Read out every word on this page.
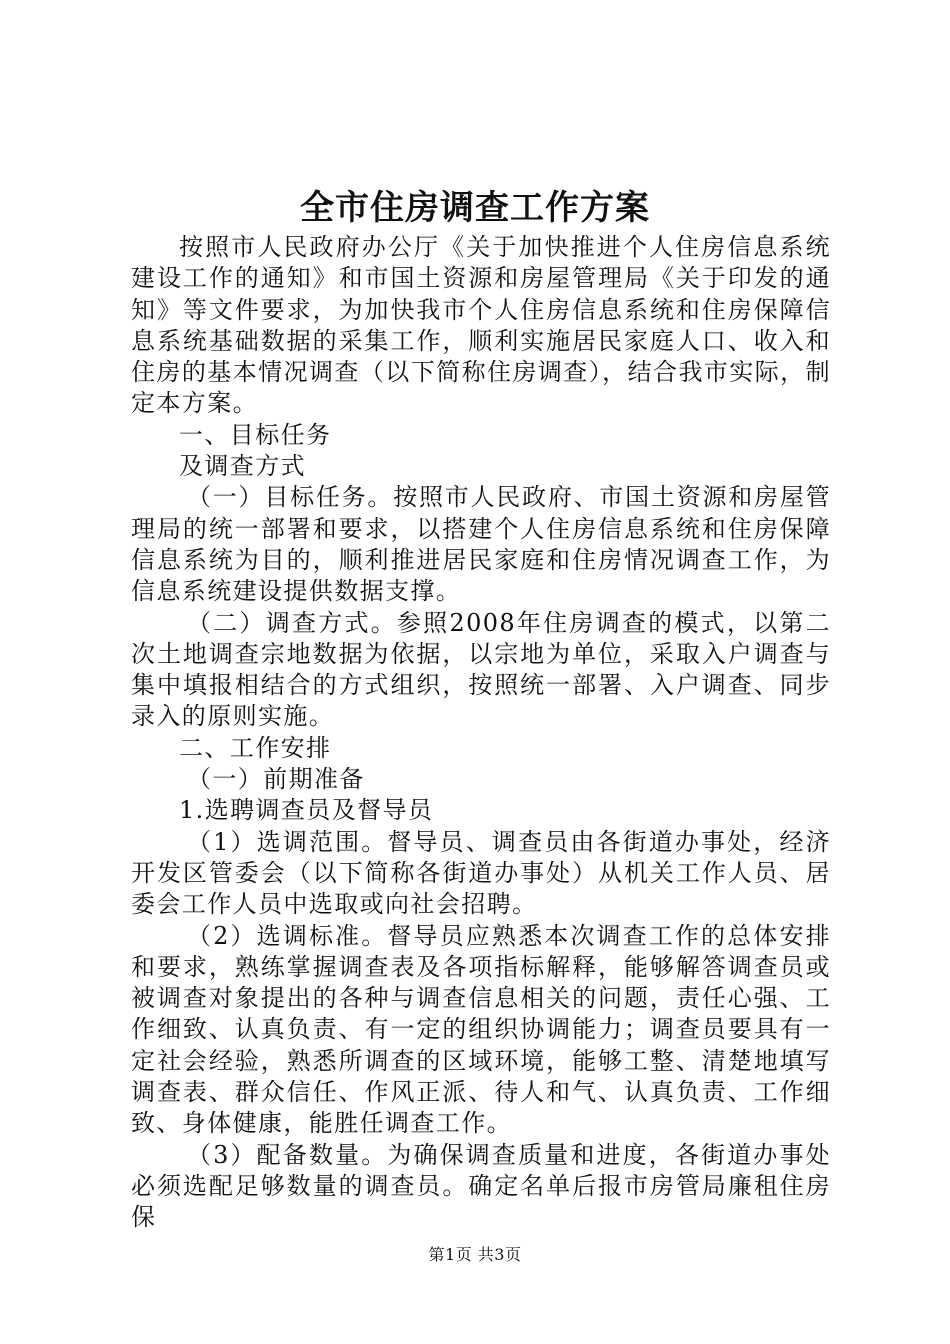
全市住房调查工作方案

按照市人民政府办公厅《关于加快推进个人住房信息系统建设工作的通知》和市国土资源和房屋管理局《关于印发的通知》等文件要求，为加快我市个人住房信息系统和住房保障信息系统基础数据的采集工作，顺利实施居民家庭人口、收入和住房的基本情况调查（以下简称住房调查），结合我市实际，制定本方案。

一、目标任务

及调查方式

（一）目标任务。按照市人民政府、市国土资源和房屋管理局的统一部署和要求，以搭建个人住房信息系统和住房保障信息系统为目的，顺利推进居民家庭和住房情况调查工作，为信息系统建设提供数据支撑。

（二）调查方式。参照2008年住房调查的模式，以第二次土地调查宗地数据为依据，以宗地为单位，采取入户调查与集中填报相结合的方式组织，按照统一部署、入户调查、同步录入的原则实施。

二、工作安排

（一）前期准备

1.选聘调查员及督导员

（1）选调范围。督导员、调查员由各街道办事处，经济开发区管委会（以下简称各街道办事处）从机关工作人员、居委会工作人员中选取或向社会招聘。

（2）选调标准。督导员应熟悉本次调查工作的总体安排和要求，熟练掌握调查表及各项指标解释，能够解答调查员或被调查对象提出的各种与调查信息相关的问题，责任心强、工作细致、认真负责、有一定的组织协调能力；调查员要具有一定社会经验，熟悉所调查的区域环境，能够工整、清楚地填写调查表、群众信任、作风正派、待人和气、认真负责、工作细致、身体健康，能胜任调查工作。

（3）配备数量。为确保调查质量和进度，各街道办事处必须选配足够数量的调查员。确定名单后报市房管局廉租住房保

第1页 共3页
